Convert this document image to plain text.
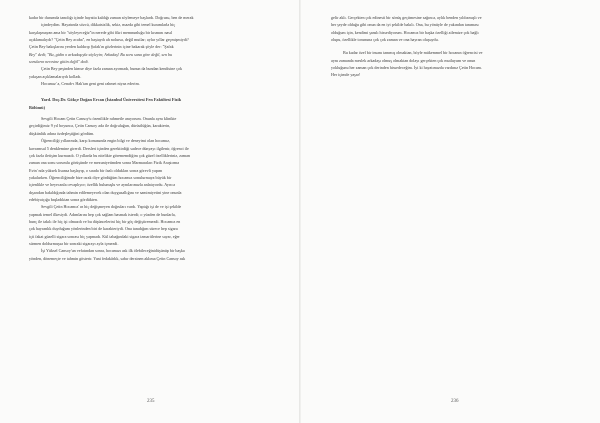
kadar bir durumda tanıdığı içinde hayatta kaldığı zaman söylemeye başlardı. Doğrusu, ben de merak

içindeydim. Hayatında sözcü, dikkatsizlik, sekiz, mazda gibi temel kuramlarla hiç

karşılaşmayan ama bir "söyleyeceğiz"in nerede gibi fikri memnunluğu bir kısmını nasıl

açıklamalıydı? "Çetin Bey acaba", en baştaydı ah nolursa, değil mutlar; aylar yıllar geçmişmiydi?

Çetin Bey bakışlarını yerden kaldırıp Şafak'ın gözlerinin içine bakarak şöyle der: "Şafak

Bey" dedi; "Bu, gidin o arkadaşıyla söyleyin; Arkadaş! Bu soru sana göre değil, sen bu

soruların neresine gittin değil" dedi.

Çetin Bey peşinden kimse diye fazla zaman ayırmadı, bunun da bundan kendisine çok

yakışan açıklamalarıydı kolladı.

Hocamız' a, Cenab-ı Hak'tan geni geni rahmet niyaz ederim.

Yard. Doç.Dr. Gökçe Doğan Ercan (İstanbul Üniversitesi Fen Fakültesi Fizik

Bölümü)

Sevgili Hocam Çetin Cansoy'u özenilikle rahmetle anıyorum. Onunla aynı klinikte

geçirdiğimiz 9 yıl boyunca, Çetin Cansoy ada ile doğruluğun, dürüstlüğün, karakterin,

düşkünlük adına özdeşleştiğini gördüm.

Öğrenciliği yıllarımda, karşı konusunda engin bilgi ve deneyimi olan hocamız,

kavramsal 5 denklemine girerdi. Dersleri içinden gerektirdiği sadece dünyayı ilgilenir, öğrenci ile

çok fazla iletişim kurmazdı. O yıllarda bu nitelikte görememdiğim çok güzel özellikleriniz, zaman

zaman ona sonu sorumlu görüşünde ve mezuniyetimden sonra Marmaraları Fizik Araştırma

Evin' nda yüksek lisansa başlayıp, o sırada bir fazlı oldukları sonra görevli yapım

yakalarken. Öğrenciliğimde bize ısrak diye gördüğüm hocamız sonulurmaya büyük bir

içtenlikle ve heyecanla cevaplıyor; özellik bulunuşlu ve aynılarımızla anlatıyordu. Ayrıca

dışarıdan bakıldığında tahmin edilemeyecek olan duygusallığını ve samimiyetini yine onunla

edebiyatçığa başladıktan sonra gördükten.

Sevgili Çetin Hocamız' ın hiç değişmeyen doğruları vardı. Yaptığı işi de ve işi şekilde

yapmak temel ilkesiydi. Adımlarını hep çok sağlam basmak isterdi; o yüzden de bunlarla,

bunç ile takılı ile hiç işi olmazdı ve bu düşüncelerini hiç bir göç değiştiremezdi. Hocamız en

çok hayranlık duyduğum yönlerinden biri de karakteriydi. Ona tanıdığım sürece hep sigara

içti fakat güzelli sigara sonrası hiç yapmadı. Kül tabağındaki sigara izmaritlerine sayar, eğer

sürmen doldurmuşsa bir sonraki sigarayı ayla içmezdi.

İşi Yüksel Cansoy'un vefatından sonra, hocamızı ask ilk ölebileceğinidüşünüp bir başka

yönden, dönemeçte ve tahmin gösterir. Yani fedakârlık, sabır dersinen aklıma Çetin Cansoy ask

235

gelir aklı. Gerçekten çok edinesti bir sönüş geçitmesine sağınca, aylık benden yıldızmışlı ve

her şeyde olduğu gibi onun da en iyi şekilde bakılı. Ona, bu yönüyle de yakından tanıması

olduğum için, kendimi şanslı hissediyorum. Hocamız bir başka özelliği ailemize çok bağlı

olupu, özellikle torununa çok çok zaman ve ona hayran oluşuydu.

Bu kadar özel bir insanı tanımış olmaktan, böyle mükemmel bir hocanın öğrencisi ve

aynı zamanda meslek arkadaşı olmuş olmaktan dolayı gerçekten çok mutluyum ve onun

yokluğunu her zaman çok derinden hissedeceğim. İyi ki hayatımızda vardınız Çetin Hocam.

Her içimde yaşar!

236
